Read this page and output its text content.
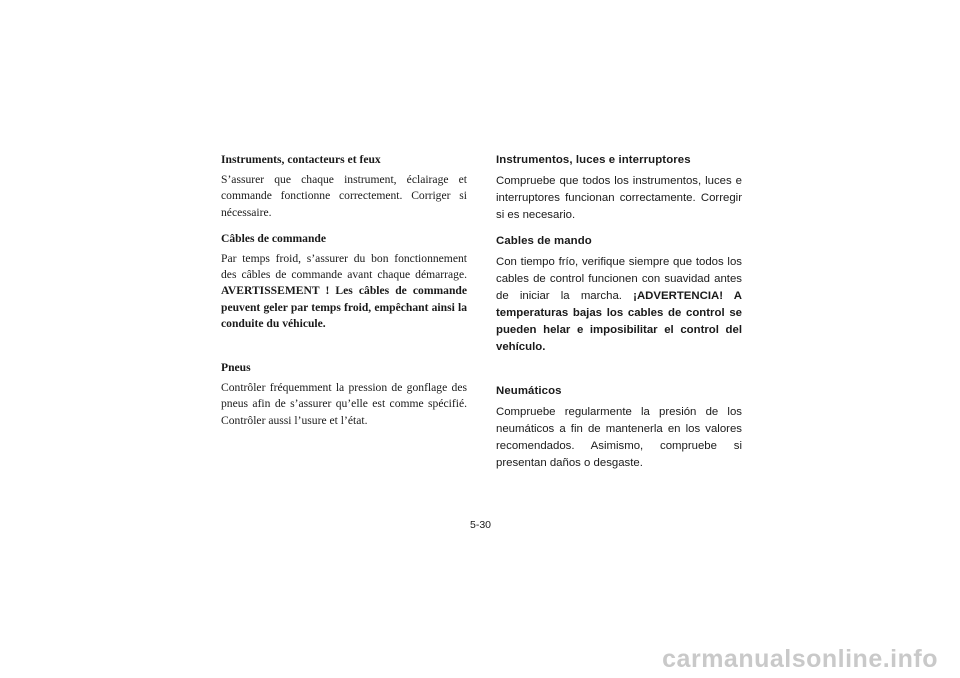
Instruments, contacteurs et feux

S’assurer que chaque instrument, éclairage et commande fonctionne correctement. Corriger si nécessaire.

Câbles de commande

Par temps froid, s’assurer du bon fonctionnement des câbles de commande avant chaque démarrage. AVERTISSEMENT ! Les câbles de commande peuvent geler par temps froid, empêchant ainsi la conduite du véhicule.

Pneus

Contrôler fréquemment la pression de gonflage des pneus afin de s’assurer qu’elle est comme spécifié. Contrôler aussi l’usure et l’état.

Instrumentos, luces e interruptores

Compruebe que todos los instrumentos, luces e interruptores funcionan correctamente. Corregir si es necesario.

Cables de mando

Con tiempo frío, verifique siempre que todos los cables de control funcionen con suavidad antes de iniciar la marcha. ¡ADVERTENCIA! A temperaturas bajas los cables de control se pueden helar e imposibilitar el control del vehículo.

Neumáticos

Compruebe regularmente la presión de los neumáticos a fin de mantenerla en los valores recomendados. Asimismo, compruebe si presentan daños o desgaste.

5-30
carmanualsonline.info
